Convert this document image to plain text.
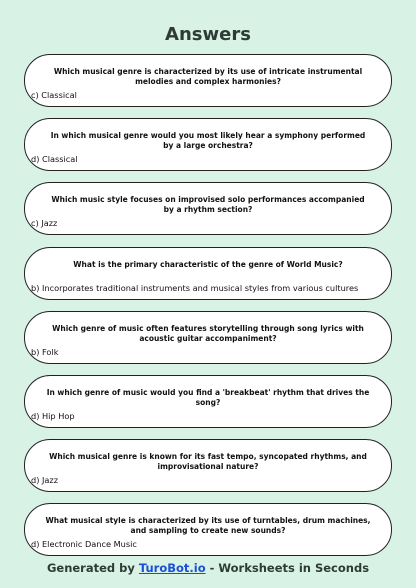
Answers
Which musical genre is characterized by its use of intricate instrumental melodies and complex harmonies?
c) Classical
In which musical genre would you most likely hear a symphony performed by a large orchestra?
d) Classical
Which music style focuses on improvised solo performances accompanied by a rhythm section?
c) Jazz
What is the primary characteristic of the genre of World Music?
b) Incorporates traditional instruments and musical styles from various cultures
Which genre of music often features storytelling through song lyrics with acoustic guitar accompaniment?
b) Folk
In which genre of music would you find a 'breakbeat' rhythm that drives the song?
d) Hip Hop
Which musical genre is known for its fast tempo, syncopated rhythms, and improvisational nature?
d) Jazz
What musical style is characterized by its use of turntables, drum machines, and sampling to create new sounds?
d) Electronic Dance Music
Generated by TuroBot.io - Worksheets in Seconds
